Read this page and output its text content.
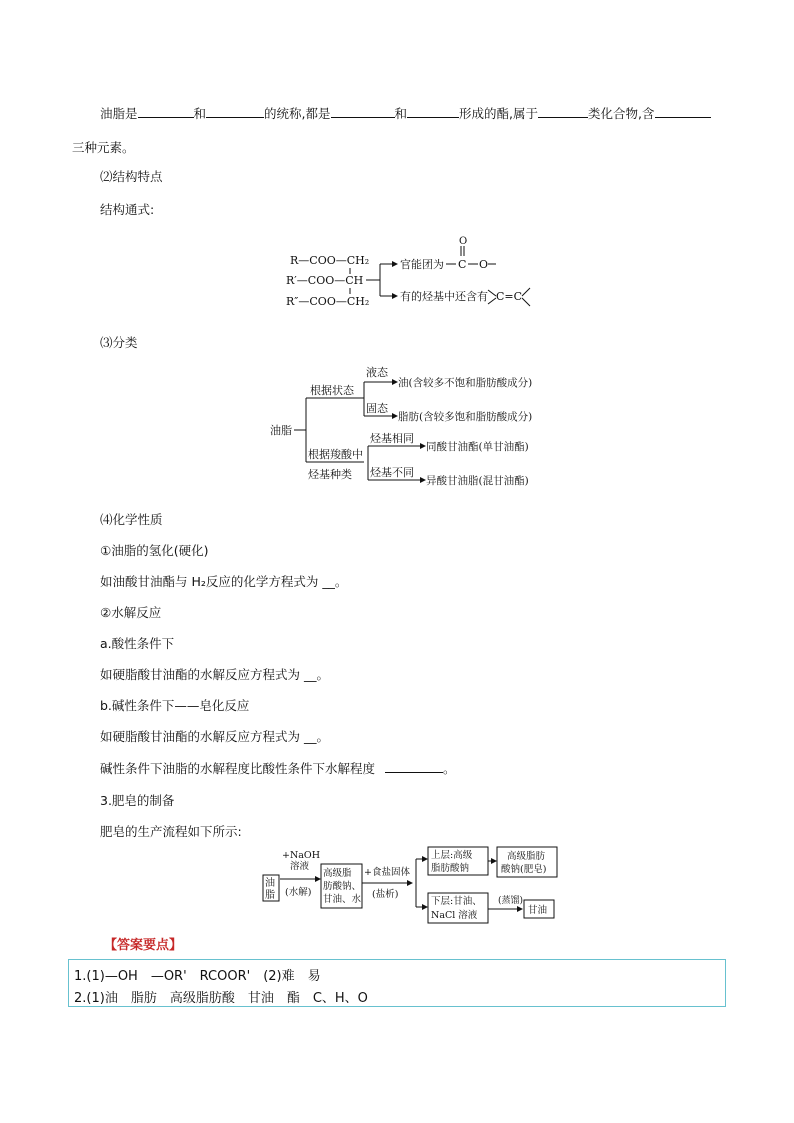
油脂是	和	的统称,都是	和	形成的酯,属于	类化合物,含
三种元素。
⑵结构特点
结构通式:
R—COO—CH₂
R′—COO—CH
R″—COO—CH₂
官能团为
O
C O
有的烃基中还含有 C=C
⑶分类
油脂
根据状态
根据羧酸中
烃基种类
液态
固态
油(含较多不饱和脂肪酸成分)
脂肪(含较多饱和脂肪酸成分)
烃基相同
烃基不同
同酸甘油酯(单甘油酯)
异酸甘油脂(混甘油酯)
⑷化学性质
①油脂的氢化(硬化)
如油酸甘油酯与 H₂反应的化学方程式为 __。
②水解反应
a.酸性条件下
如硬脂酸甘油酯的水解反应方程式为 __。
b.碱性条件下——皂化反应
如硬脂酸甘油酯的水解反应方程式为 __。
碱性条件下油脂的水解程度比酸性条件下水解程度	。
3.肥皂的制备
肥皂的生产流程如下所示:
油
脂
+NaOH
溶液
(水解)
高级脂
肪酸钠、
甘油、水
+食盐固体
(盐析)
上层:高级
脂肪酸钠
下层:甘油、
NaCl 溶液
高级脂肪
酸钠(肥皂)
(蒸馏)
甘油
【答案要点】
1.(1)—OH　—OR'　RCOOR'　(2)难　易
2.(1)油　脂肪　高级脂肪酸　甘油　酯　C、H、O
